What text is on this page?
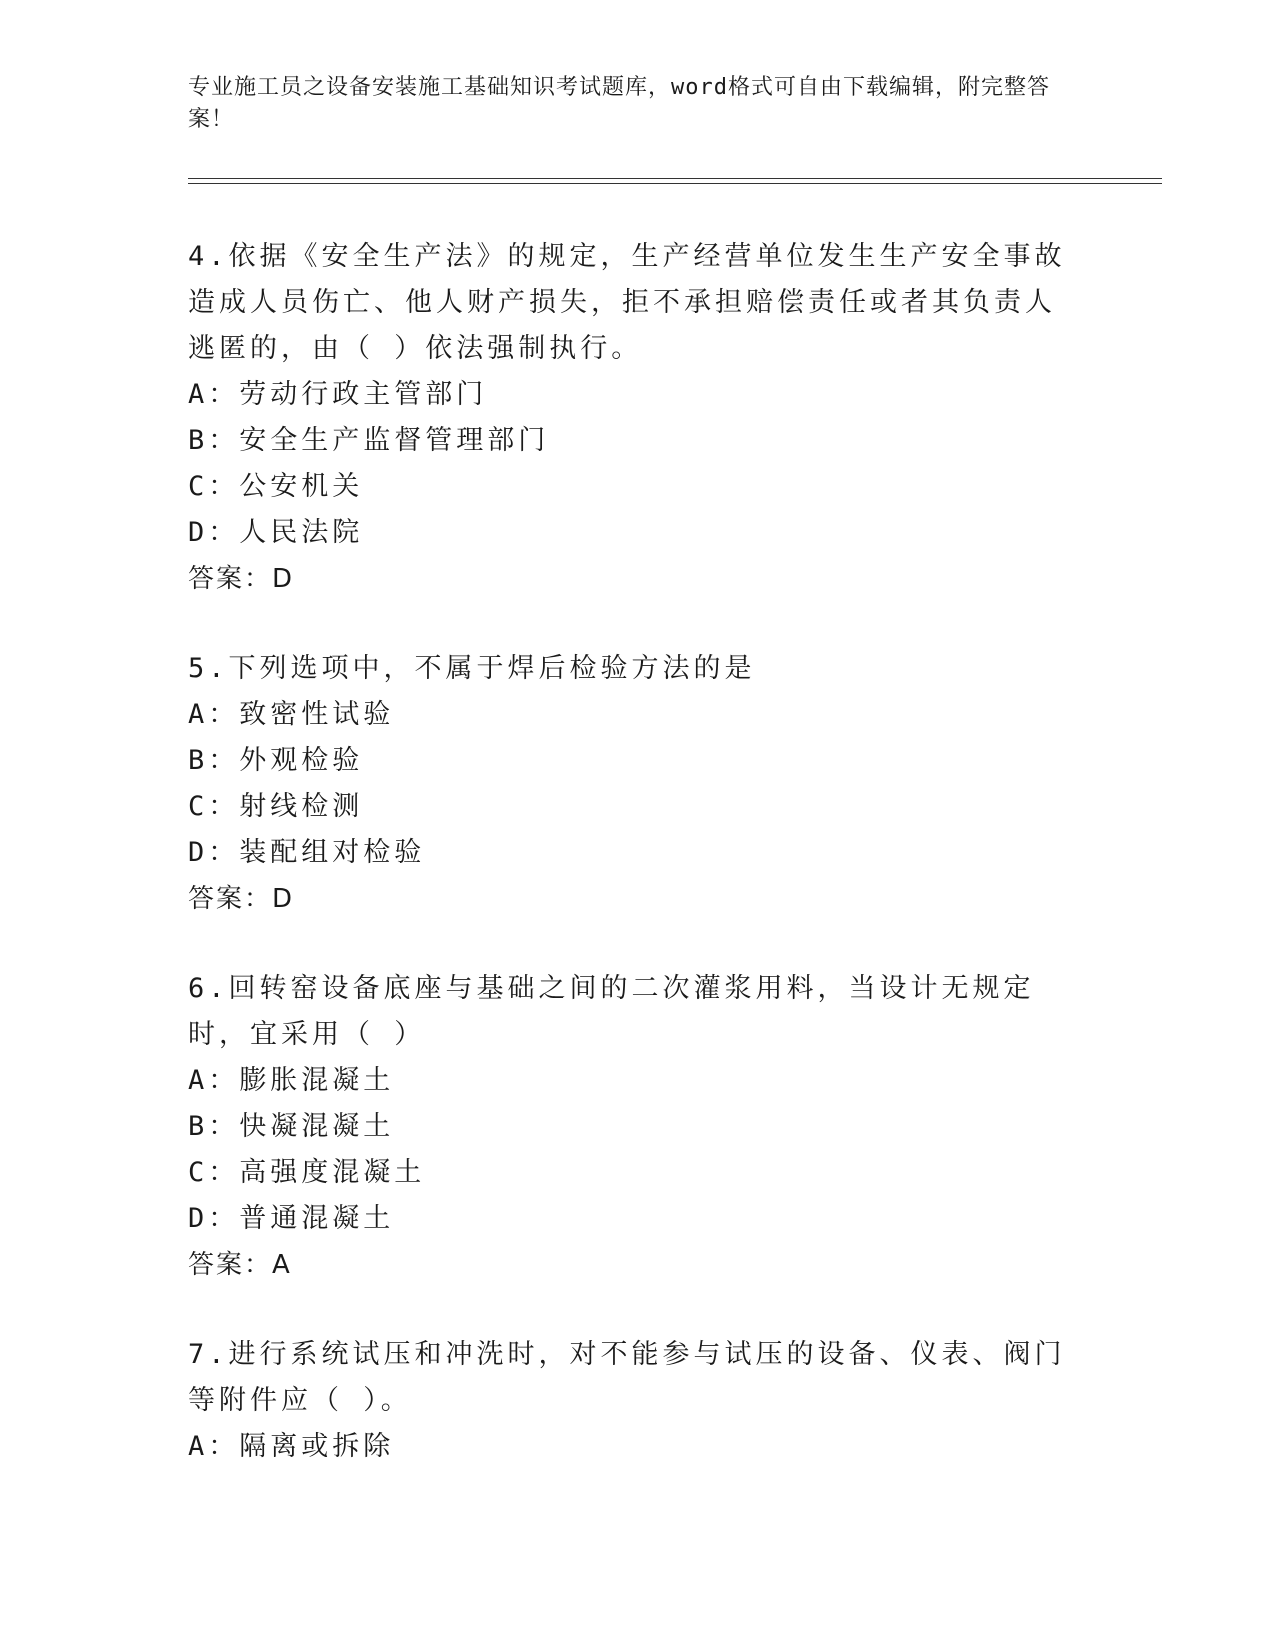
专业施工员之设备安装施工基础知识考试题库，word格式可自由下载编辑，附完整答案！

4.依据《安全生产法》的规定，生产经营单位发生生产安全事故造成人员伤亡、他人财产损失，拒不承担赔偿责任或者其负责人逃匿的，由（ ）依法强制执行。

A：劳动行政主管部门

B：安全生产监督管理部门

C：公安机关

D：人民法院

答案：D

5.下列选项中，不属于焊后检验方法的是

A：致密性试验

B：外观检验

C：射线检测

D：装配组对检验

答案：D

6.回转窑设备底座与基础之间的二次灌浆用料，当设计无规定时，宜采用（ ）

A：膨胀混凝土

B：快凝混凝土

C：高强度混凝土

D：普通混凝土

答案：A

7.进行系统试压和冲洗时，对不能参与试压的设备、仪表、阀门等附件应（ ）。

A：隔离或拆除
